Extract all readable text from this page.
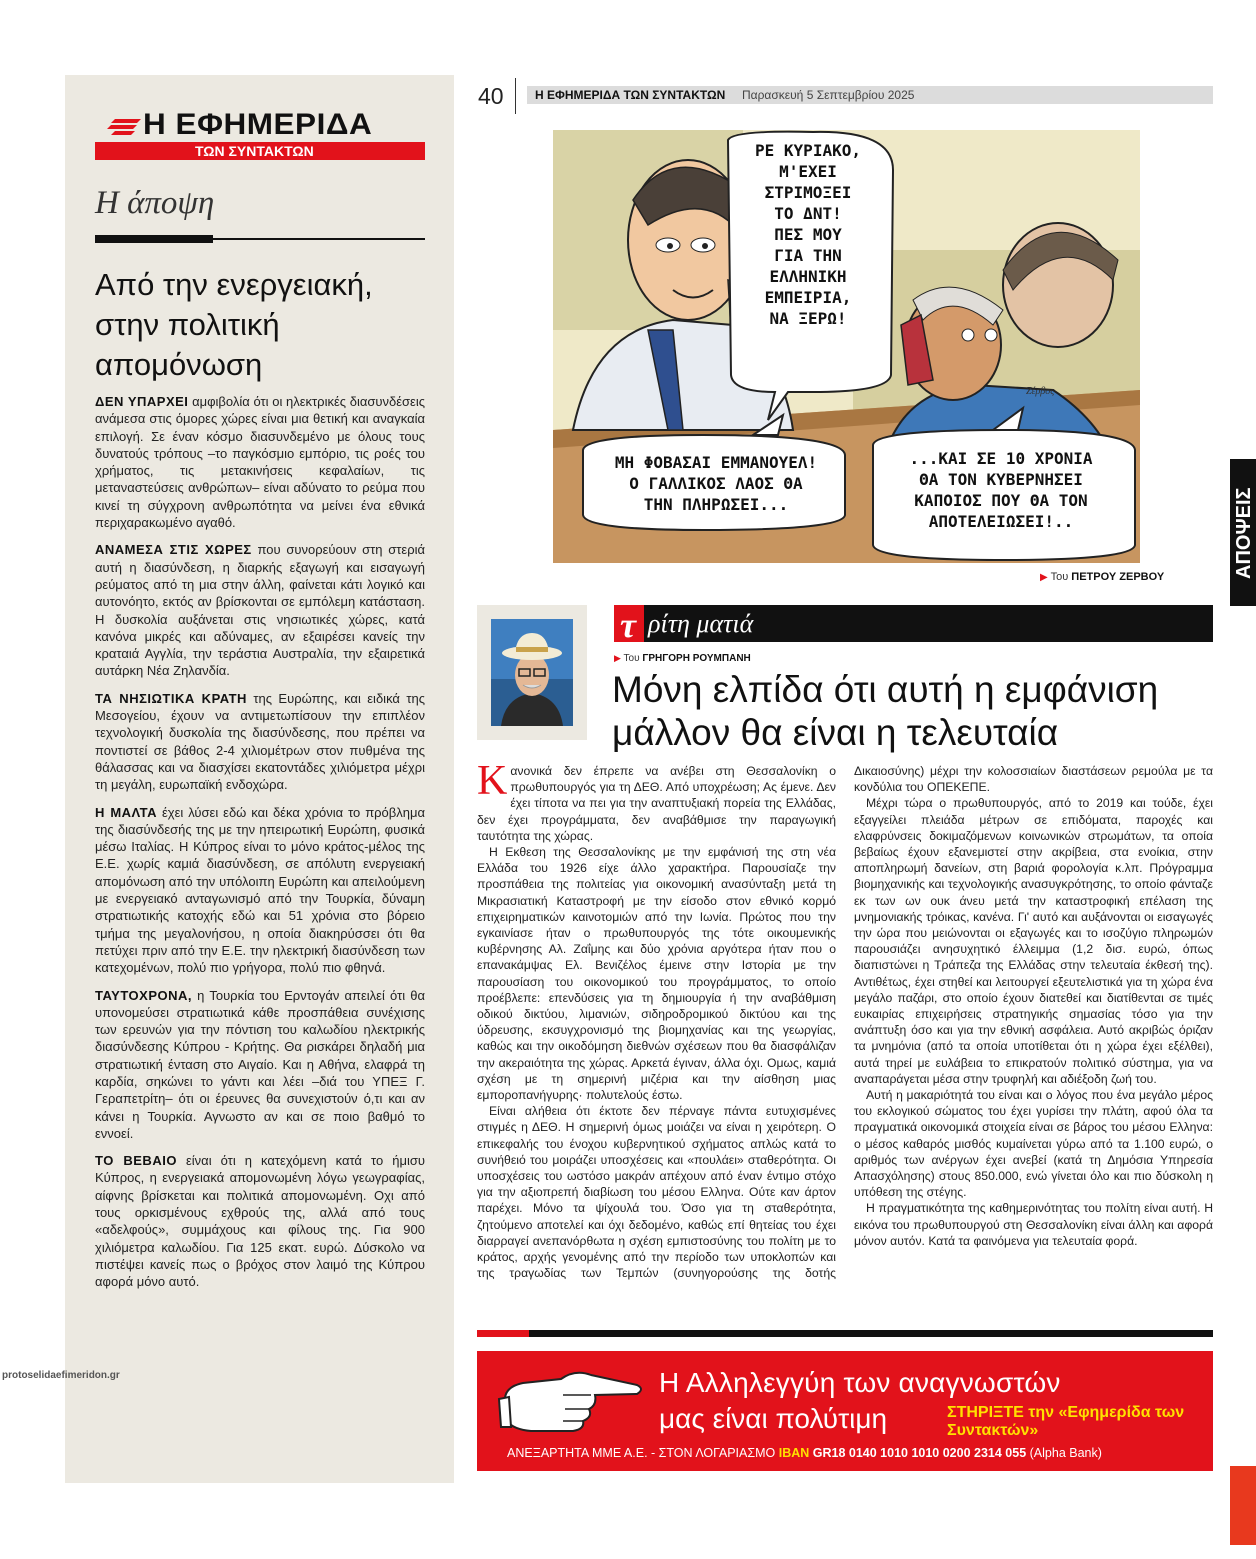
Η ΕΦΗΜΕΡΙΔΑ
ΤΩΝ ΣΥΝΤΑΚΤΩΝ
Η άποψη
Από την ενεργειακή, στην πολιτική απομόνωση

ΔΕΝ ΥΠΑΡΧΕΙ αμφιβολία ότι οι ηλεκτρικές διασυνδέσεις ανάμεσα στις όμορες χώρες είναι μια θετική και αναγκαία επιλογή. Σε έναν κόσμο διασυνδεμένο με όλους τους δυνατούς τρόπους –το παγκόσμιο εμπόριο, τις ροές του χρήματος, τις μετακινήσεις κεφαλαίων, τις μεταναστεύσεις ανθρώπων– είναι αδύνατο το ρεύμα που κινεί τη σύγχρονη ανθρωπότητα να μείνει ένα εθνικά περιχαρακωμένο αγαθό.

ΑΝΑΜΕΣΑ ΣΤΙΣ ΧΩΡΕΣ που συνορεύουν στη στεριά αυτή η διασύνδεση, η διαρκής εξαγωγή και εισαγωγή ρεύματος από τη μια στην άλλη, φαίνεται κάτι λογικό και αυτονόητο, εκτός αν βρίσκονται σε εμπόλεμη κατάσταση. Η δυσκολία αυξάνεται στις νησιωτικές χώρες, κατά κανόνα μικρές και αδύναμες, αν εξαιρέσει κανείς την κραταιά Αγγλία, την τεράστια Αυστραλία, την εξαιρετικά αυτάρκη Νέα Ζηλανδία.

ΤΑ ΝΗΣΙΩΤΙΚΑ ΚΡΑΤΗ της Ευρώπης, και ειδικά της Μεσογείου, έχουν να αντιμετωπίσουν την επιπλέον τεχνολογική δυσκολία της διασύνδεσης, που πρέπει να ποντιστεί σε βάθος 2-4 χιλιομέτρων στον πυθμένα της θάλασσας και να διασχίσει εκατοντάδες χιλιόμετρα μέχρι τη μεγάλη, ευρωπαϊκή ενδοχώρα.

Η ΜΑΛΤΑ έχει λύσει εδώ και δέκα χρόνια το πρόβλημα της διασύνδεσής της με την ηπειρωτική Ευρώπη, φυσικά μέσω Ιταλίας. Η Κύπρος είναι το μόνο κράτος-μέλος της Ε.Ε. χωρίς καμιά διασύνδεση, σε απόλυτη ενεργειακή απομόνωση από την υπόλοιπη Ευρώπη και απειλούμενη με ενεργειακό ανταγωνισμό από την Τουρκία, δύναμη στρατιωτικής κατοχής εδώ και 51 χρόνια στο βόρειο τμήμα της μεγαλονήσου, η οποία διακηρύσσει ότι θα πετύχει πριν από την Ε.Ε. την ηλεκτρική διασύνδεση των κατεχομένων, πολύ πιο γρήγορα, πολύ πιο φθηνά.

ΤΑΥΤΟΧΡΟΝΑ, η Τουρκία του Ερντογάν απειλεί ότι θα υπονομεύσει στρατιωτικά κάθε προσπάθεια συνέχισης των ερευνών για την πόντιση του καλωδίου ηλεκτρικής διασύνδεσης Κύπρου - Κρήτης. Θα ρισκάρει δηλαδή μια στρατιωτική ένταση στο Αιγαίο. Και η Αθήνα, ελαφρά τη καρδία, σηκώνει το γάντι και λέει –διά του ΥΠΕΞ Γ. Γεραπετρίτη– ότι οι έρευνες θα συνεχιστούν ό,τι και αν κάνει η Τουρκία. Αγνωστο αν και σε ποιο βαθμό το εννοεί.

ΤΟ ΒΕΒΑΙΟ είναι ότι η κατεχόμενη κατά το ήμισυ Κύπρος, η ενεργειακά απομονωμένη λόγω γεωγραφίας, αίφνης βρίσκεται και πολιτικά απομονωμένη. Οχι από τους ορκισμένους εχθρούς της, αλλά από τους «αδελφούς», συμμάχους και φίλους της. Για 900 χιλιόμετρα καλωδίου. Για 125 εκατ. ευρώ. Δύσκολο να πιστέψει κανείς πως ο βρόχος στον λαιμό της Κύπρου αφορά μόνο αυτό.

protoselidaefimeridon.gr
40	Η ΕΦΗΜΕΡΙΔΑ ΤΩΝ ΣΥΝΤΑΚΤΩΝ Παρασκευή 5 Σεπτεμβρίου 2025
ΡΕ ΚΥΡΙΑΚΟ,
Μ'ΕΧΕΙ
ΣΤΡΙΜΟΞΕΙ
ΤΟ ΔΝΤ!
ΠΕΣ ΜΟΥ
ΓΙΑ ΤΗΝ
ΕΛΛΗΝΙΚΗ
ΕΜΠΕΙΡΙΑ,
ΝΑ ΞΕΡΩ!
ΜΗ ΦΟΒΑΣΑΙ ΕΜΜΑΝΟΥΕΛ!
Ο ΓΑΛΛΙΚΟΣ ΛΑΟΣ ΘΑ
ΤΗΝ ΠΛΗΡΩΣΕΙ...
...ΚΑΙ ΣΕ 10 ΧΡΟΝΙΑ
ΘΑ ΤΟΝ ΚΥΒΕΡΝΗΣΕΙ
ΚΑΠΟΙΟΣ ΠΟΥ ΘΑ ΤΟΝ
ΑΠΟΤΕΛΕΙΩΣΕΙ!..
Ζέρβος
▶ Του ΠΕΤΡΟΥ ΖΕΡΒΟΥ	ΑΠΟΨΕΙΣ
τ ρίτη ματιά
▶ Του ΓΡΗΓΟΡΗ ΡΟΥΜΠΑΝΗ
Μόνη ελπίδα ότι αυτή η εμφάνιση μάλλον θα είναι η τελευταία

Κανονικά δεν έπρεπε να ανέβει στη Θεσσαλονίκη ο πρωθυπουργός για τη ΔΕΘ. Από υποχρέωση; Ας έμενε. Δεν έχει τίποτα να πει για την αναπτυξιακή πορεία της Ελλάδας, δεν έχει προγράμματα, δεν αναβάθμισε την παραγωγική ταυτότητα της χώρας.

Η Εκθεση της Θεσσαλονίκης με την εμφάνισή της στη νέα Ελλάδα του 1926 είχε άλλο χαρακτήρα. Παρουσίαζε την προσπάθεια της πολιτείας για οικονομική ανασύνταξη μετά τη Μικρασιατική Καταστροφή με την είσοδο στον εθνικό κορμό επιχειρηματικών καινοτομιών από την Ιωνία. Πρώτος που την εγκαινίασε ήταν ο πρωθυπουργός της τότε οικουμενικής κυβέρνησης Αλ. Ζαΐμης και δύο χρόνια αργότερα ήταν που ο επανακάμψας Ελ. Βενιζέλος έμεινε στην Ιστορία με την παρουσίαση του οικονομικού του προγράμματος, το οποίο προέβλεπε: επενδύσεις για τη δημιουργία ή την αναβάθμιση οδικού δικτύου, λιμανιών, σιδηροδρομικού δικτύου και της ύδρευσης, εκσυγχρονισμό της βιομηχανίας και της γεωργίας, καθώς και την οικοδόμηση διεθνών σχέσεων που θα διασφάλιζαν την ακεραιότητα της χώρας. Αρκετά έγιναν, άλλα όχι. Ομως, καμιά σχέση με τη σημερινή μιζέρια και την αίσθηση μιας εμποροπανήγυρης· πολυτελούς έστω.

Είναι αλήθεια ότι έκτοτε δεν πέρναγε πάντα ευτυχισμένες στιγμές η ΔΕΘ. Η σημερινή όμως μοιάζει να είναι η χειρότερη. Ο επικεφαλής του ένοχου κυβερνητικού σχήματος απλώς κατά το συνήθειό του μοιράζει υποσχέσεις και «πουλάει» σταθερότητα. Οι υποσχέσεις του ωστόσο μακράν απέχουν από έναν έντιμο στόχο για την αξιοπρεπή διαβίωση του μέσου Ελληνα. Ούτε καν άρτον παρέχει. Μόνο τα ψίχουλά του. Όσο για τη σταθερότητα, ζητούμενο αποτελεί και όχι δεδομένο, καθώς επί θητείας του έχει διαρραγεί ανεπανόρθωτα η σχέση εμπιστοσύνης του πολίτη με το κράτος, αρχής γενομένης από την περίοδο των υποκλοπών και της τραγωδίας των Τεμπών (συνηγορούσης της δοτής Δικαιοσύνης) μέχρι την κολοσσιαίων διαστάσεων ρεμούλα με τα κονδύλια του ΟΠΕΚΕΠΕ.

Μέχρι τώρα ο πρωθυπουργός, από το 2019 και τούδε, έχει εξαγγείλει πλειάδα μέτρων σε επιδόματα, παροχές και ελαφρύνσεις δοκιμαζόμενων κοινωνικών στρωμάτων, τα οποία βεβαίως έχουν εξανεμιστεί στην ακρίβεια, στα ενοίκια, στην αποπληρωμή δανείων, στη βαριά φορολογία κ.λπ. Πρόγραμμα βιομηχανικής και τεχνολογικής ανασυγκρότησης, το οποίο φάνταζε εκ των ων ουκ άνευ μετά την καταστροφική επέλαση της μνημονιακής τρόικας, κανένα. Γι' αυτό και αυξάνονται οι εισαγωγές την ώρα που μειώνονται οι εξαγωγές και το ισοζύγιο πληρωμών παρουσιάζει ανησυχητικό έλλειμμα (1,2 δισ. ευρώ, όπως διαπιστώνει η Τράπεζα της Ελλάδας στην τελευταία έκθεσή της). Αντιθέτως, έχει στηθεί και λειτουργεί εξευτελιστικά για τη χώρα ένα μεγάλο παζάρι, στο οποίο έχουν διατεθεί και διατίθενται σε τιμές ευκαιρίας επιχειρήσεις στρατηγικής σημασίας τόσο για την ανάπτυξη όσο και για την εθνική ασφάλεια. Αυτό ακριβώς όριζαν τα μνημόνια (από τα οποία υποτίθεται ότι η χώρα έχει εξέλθει), αυτά τηρεί με ευλάβεια το επικρατούν πολιτικό σύστημα, για να αναπαράγεται μέσα στην τρυφηλή και αδιέξοδη ζωή του.

Αυτή η μακαριότητά του είναι και ο λόγος που ένα μεγάλο μέρος του εκλογικού σώματος του έχει γυρίσει την πλάτη, αφού όλα τα πραγματικά οικονομικά στοιχεία είναι σε βάρος του μέσου Ελληνα: ο μέσος καθαρός μισθός κυμαίνεται γύρω από τα 1.100 ευρώ, ο αριθμός των ανέργων έχει ανεβεί (κατά τη Δημόσια Υπηρεσία Απασχόλησης) στους 850.000, ενώ γίνεται όλο και πιο δύσκολη η υπόθεση της στέγης.

Η πραγματικότητα της καθημερινότητας του πολίτη είναι αυτή. Η εικόνα του πρωθυπουργού στη Θεσσαλονίκη είναι άλλη και αφορά μόνον αυτόν. Κατά τα φαινόμενα για τελευταία φορά.

Η Αλληλεγγύη των αναγνωστών
μας είναι πολύτιμη	ΣΤΗΡΙΞΤΕ την «Εφημερίδα των Συντακτών»
ΑΝΕΞΑΡΤΗΤΑ ΜΜΕ Α.Ε. - ΣΤΟΝ ΛΟΓΑΡΙΑΣΜΟ IBAN GR18 0140 1010 1010 0200 2314 055 (Alpha Bank)
